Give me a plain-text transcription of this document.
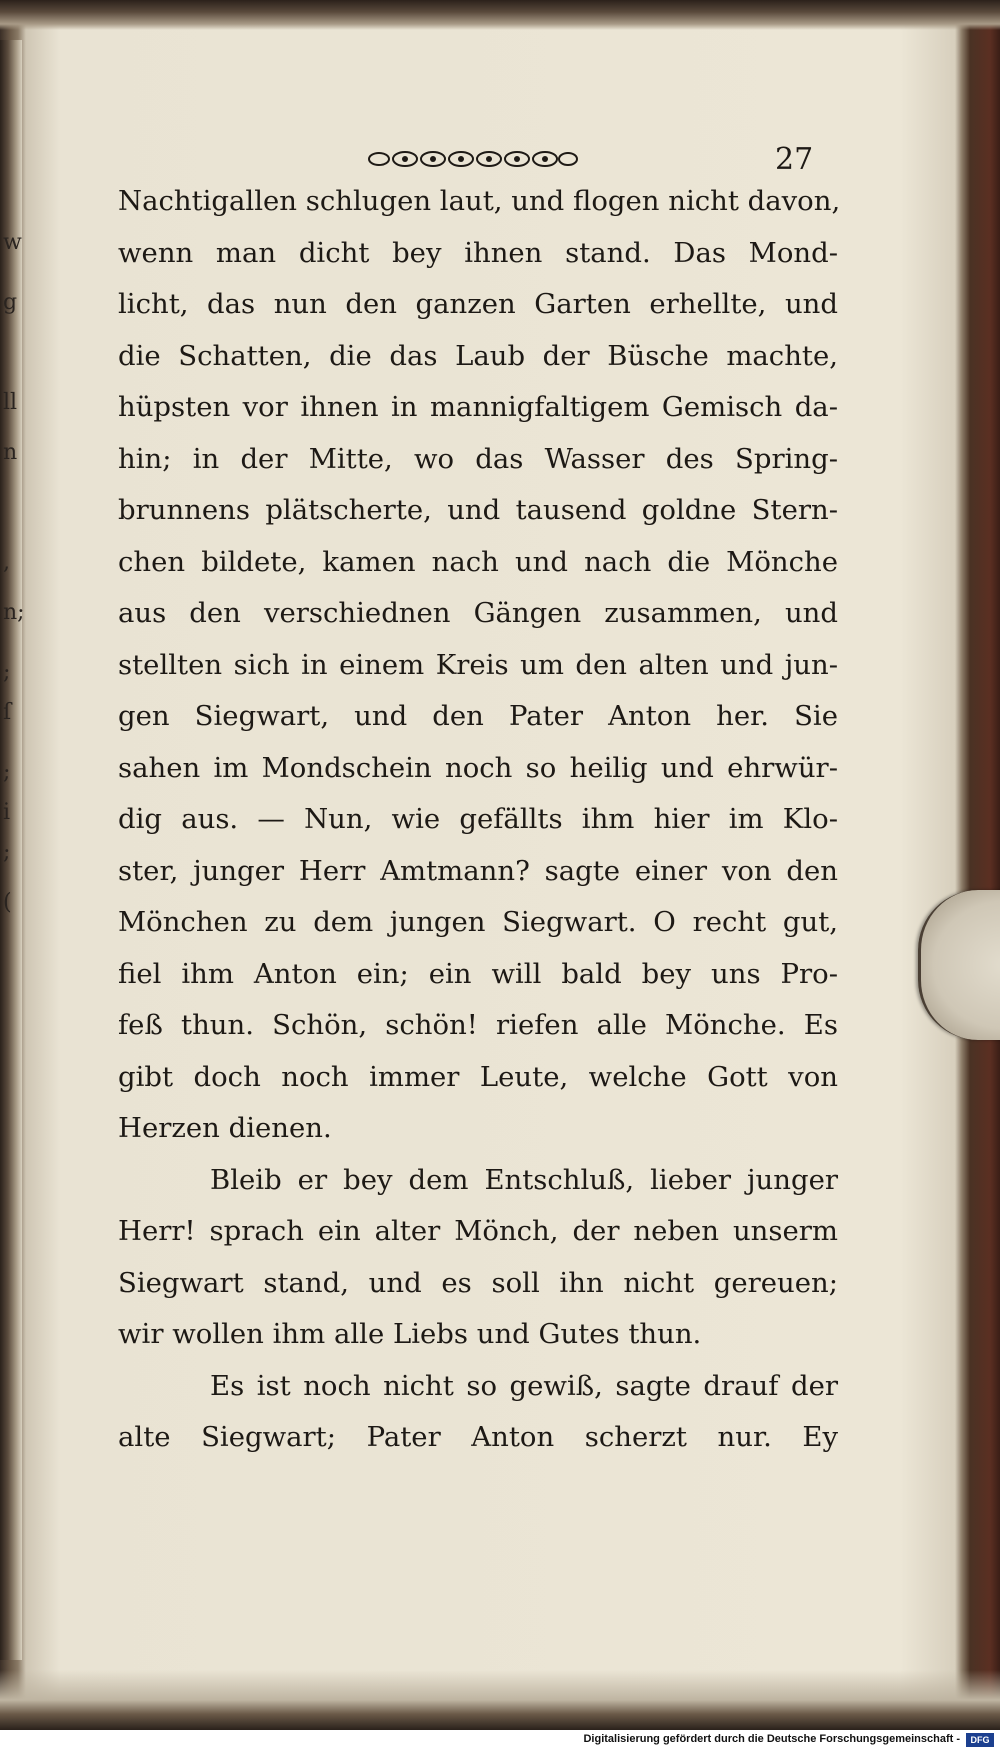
w
g
ll
n
,
n;
;
ſ
;
i
;
(
27
Nachtigallen schlugen laut, und flogen nicht davon,
wenn man dicht bey ihnen stand. Das Mond-
licht, das nun den ganzen Garten erhellte, und
die Schatten, die das Laub der Büsche machte,
hüpsten vor ihnen in mannigfaltigem Gemisch da-
hin; in der Mitte, wo das Wasser des Spring-
brunnens plätscherte, und tausend goldne Stern-
chen bildete, kamen nach und nach die Mönche
aus den verschiednen Gängen zusammen, und
stellten sich in einem Kreis um den alten und jun-
gen Siegwart, und den Pater Anton her. Sie
sahen im Mondschein noch so heilig und ehrwür-
dig aus. — Nun, wie gefällts ihm hier im Klo-
ster, junger Herr Amtmann? sagte einer von den
Mönchen zu dem jungen Siegwart. O recht gut,
fiel ihm Anton ein; ein will bald bey uns Pro-
feß thun. Schön, schön! riefen alle Mönche. Es
gibt doch noch immer Leute, welche Gott von
Herzen dienen.
Bleib er bey dem Entschluß, lieber junger
Herr! sprach ein alter Mönch, der neben unserm
Siegwart stand, und es soll ihn nicht gereuen;
wir wollen ihm alle Liebs und Gutes thun.
Es ist noch nicht so gewiß, sagte drauf der
alte Siegwart; Pater Anton scherzt nur. Ey
Digitalisierung gefördert durch die Deutsche Forschungsgemeinschaft -	DFG
